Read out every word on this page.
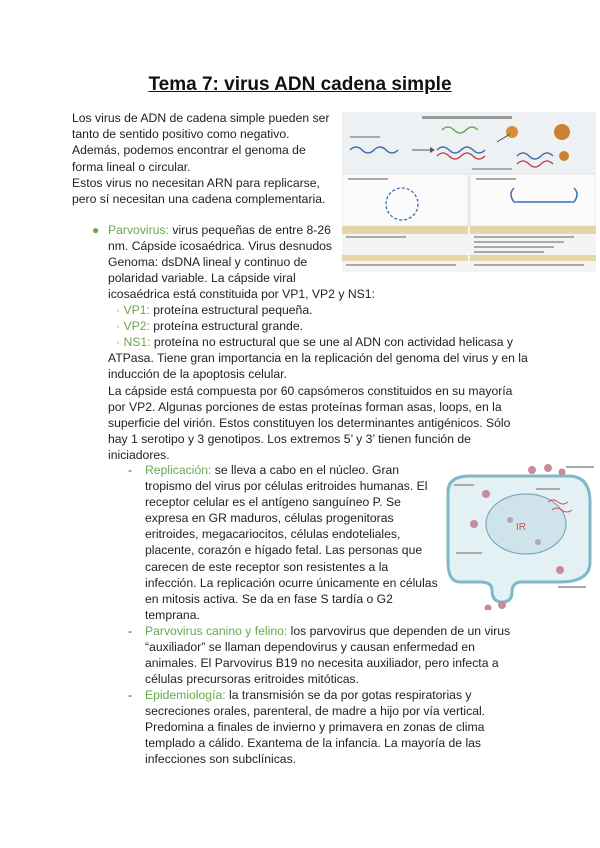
Tema 7: virus ADN cadena simple

Los virus de ADN de cadena simple pueden ser

tanto de sentido positivo como negativo.

Además, podemos encontrar el genoma de

forma lineal o circular.

Estos virus no necesitan ARN para replicarse,

pero sí necesitan una cadena complementaria.

IR
● Parvovirus: virus pequeñas de entre 8-26

nm. Cápside icosaédrica. Virus desnudos

Genoma: dsDNA lineal y continuo de

polaridad variable. La cápside viral

icosaédrica está constituida por VP1, VP2 y NS1:

· VP1: proteína estructural pequeña.

· VP2: proteína estructural grande.

· NS1: proteína no estructural que se une al ADN con actividad helicasa y

ATPasa. Tiene gran importancia en la replicación del genoma del virus y en la

inducción de la apoptosis celular.

La cápside está compuesta por 60 capsómeros constituidos en su mayoría

por VP2. Algunas porciones de estas proteínas forman asas, loops, en la

superficie del virión. Estos constituyen los determinantes antigénicos. Sólo

hay 1 serotipo y 3 genotipos. Los extremos 5’ y 3’ tienen función de

iniciadores.

- Replicación: se lleva a cabo en el núcleo. Gran

tropismo del virus por células eritroides humanas. El

receptor celular es el antígeno sanguíneo P. Se

expresa en GR maduros, células progenitoras

eritroides, megacariocitos, células endoteliales,

placente, corazón e hígado fetal. Las personas que

carecen de este receptor son resistentes a la

infección. La replicación ocurre únicamente en células

en mitosis activa. Se da en fase S tardía o G2

temprana.

- Parvovirus canino y felino: los parvovirus que dependen de un virus

“auxiliador” se llaman dependovirus y causan enfermedad en

animales. El Parvovirus B19 no necesita auxiliador, pero infecta a

células precursoras eritroides mitóticas.

- Epidemiología: la transmisión se da por gotas respiratorias y

secreciones orales, parenteral, de madre a hijo por vía vertical.

Predomina a finales de invierno y primavera en zonas de clima

templado a cálido. Exantema de la infancia. La mayoría de las

infecciones son subclínicas.
